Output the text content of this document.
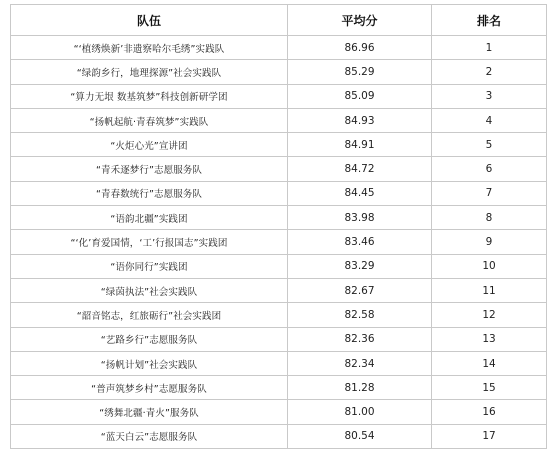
队伍	平均分	排名
“‘植绣焕新’非遗察哈尔毛绣”实践队	86.96	1
“绿韵乡行，地理探源”社会实践队	85.29	2
“算力无垠 数基筑梦”科技创新研学团	85.09	3
“扬帆起航·青春筑梦”实践队	84.93	4
“火炬心光”宣讲团	84.91	5
“青禾逐梦行”志愿服务队	84.72	6
“青春数统行”志愿服务队	84.45	7
“语韵北疆”实践团	83.98	8
“‘化’育爱国情，‘工’行报国志”实践团	83.46	9
“语你同行”实践团	83.29	10
“绿茵执法”社会实践队	82.67	11
“韶音铭志，红旅砺行”社会实践团	82.58	12
“艺路乡行”志愿服务队	82.36	13
“扬帆计划”社会实践队	82.34	14
“普声筑梦乡村”志愿服务队	81.28	15
“绣舞北疆·青火”服务队	81.00	16
“蓝天白云”志愿服务队	80.54	17
